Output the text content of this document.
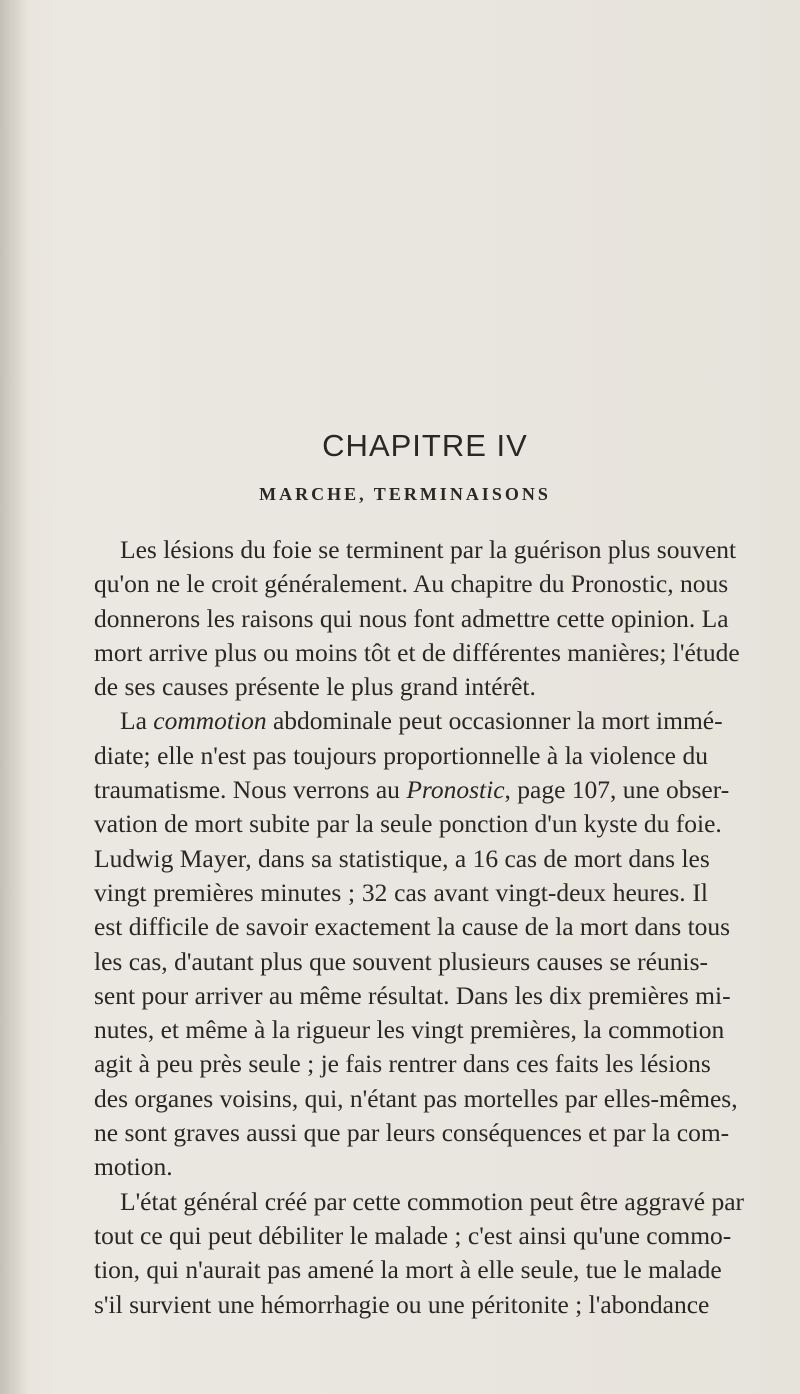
CHAPITRE IV
MARCHE, TERMINAISONS
Les lésions du foie se terminent par la guérison plus souvent
qu'on ne le croit généralement. Au chapitre du Pronostic, nous
donnerons les raisons qui nous font admettre cette opinion. La
mort arrive plus ou moins tôt et de différentes manières; l'étude
de ses causes présente le plus grand intérêt.
La commotion abdominale peut occasionner la mort immé-
diate; elle n'est pas toujours proportionnelle à la violence du
traumatisme. Nous verrons au Pronostic, page 107, une obser-
vation de mort subite par la seule ponction d'un kyste du foie.
Ludwig Mayer, dans sa statistique, a 16 cas de mort dans les
vingt premières minutes ; 32 cas avant vingt-deux heures. Il
est difficile de savoir exactement la cause de la mort dans tous
les cas, d'autant plus que souvent plusieurs causes se réunis-
sent pour arriver au même résultat. Dans les dix premières mi-
nutes, et même à la rigueur les vingt premières, la commotion
agit à peu près seule ; je fais rentrer dans ces faits les lésions
des organes voisins, qui, n'étant pas mortelles par elles-mêmes,
ne sont graves aussi que par leurs conséquences et par la com-
motion.
L'état général créé par cette commotion peut être aggravé par
tout ce qui peut débiliter le malade ; c'est ainsi qu'une commo-
tion, qui n'aurait pas amené la mort à elle seule, tue le malade
s'il survient une hémorrhagie ou une péritonite ; l'abondance
